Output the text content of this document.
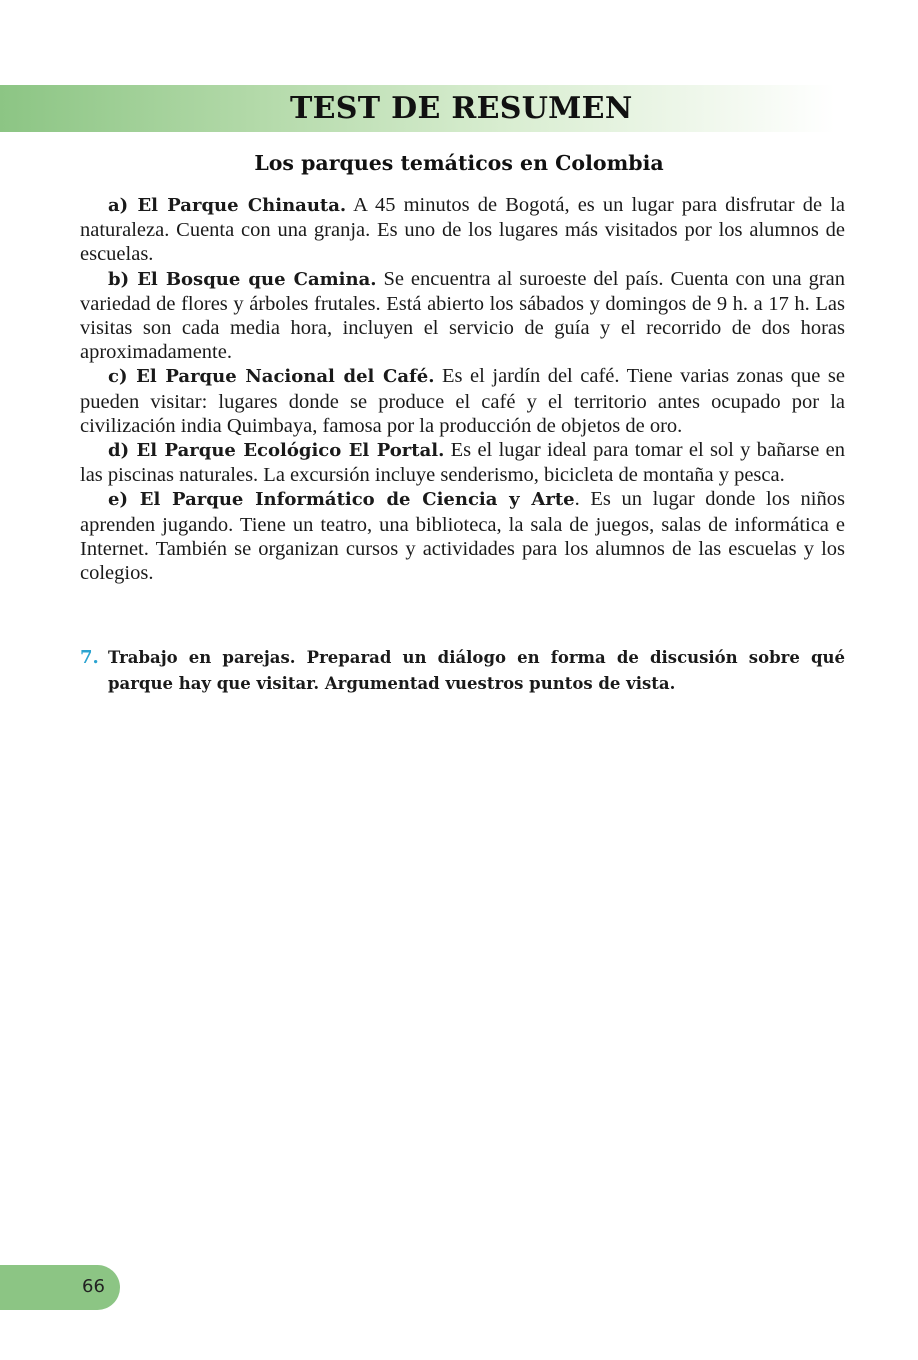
TEST DE RESUMEN
Los parques temáticos en Colombia

a) El Parque Chinauta. A 45 minutos de Bogotá, es un lugar para disfrutar de la naturaleza. Cuenta con una granja. Es uno de los lugares más visitados por los alumnos de escuelas.

b) El Bosque que Camina. Se encuentra al suroeste del país. Cuenta con una gran variedad de flores y árboles frutales. Está abierto los sábados y domingos de 9 h. a 17 h. Las visitas son cada media hora, incluyen el servicio de guía y el recorrido de dos horas aproximadamente.

c) El Parque Nacional del Café. Es el jardín del café. Tiene varias zonas que se pueden visitar: lugares donde se produce el café y el territorio antes ocupado por la civilización india Quimbaya, famosa por la producción de objetos de oro.

d) El Parque Ecológico El Portal. Es el lugar ideal para tomar el sol y bañarse en las piscinas naturales. La excursión incluye senderismo, bicicleta de montaña y pesca.

e) El Parque Informático de Ciencia y Arte. Es un lugar donde los niños aprenden jugando. Tiene un teatro, una biblioteca, la sala de juegos, salas de informática e Internet. También se organizan cursos y actividades para los alumnos de las escuelas y los colegios.

7. Trabajo en parejas. Preparad un diálogo en forma de discusión sobre qué parque hay que visitar. Argumentad vuestros puntos de vista.
66
